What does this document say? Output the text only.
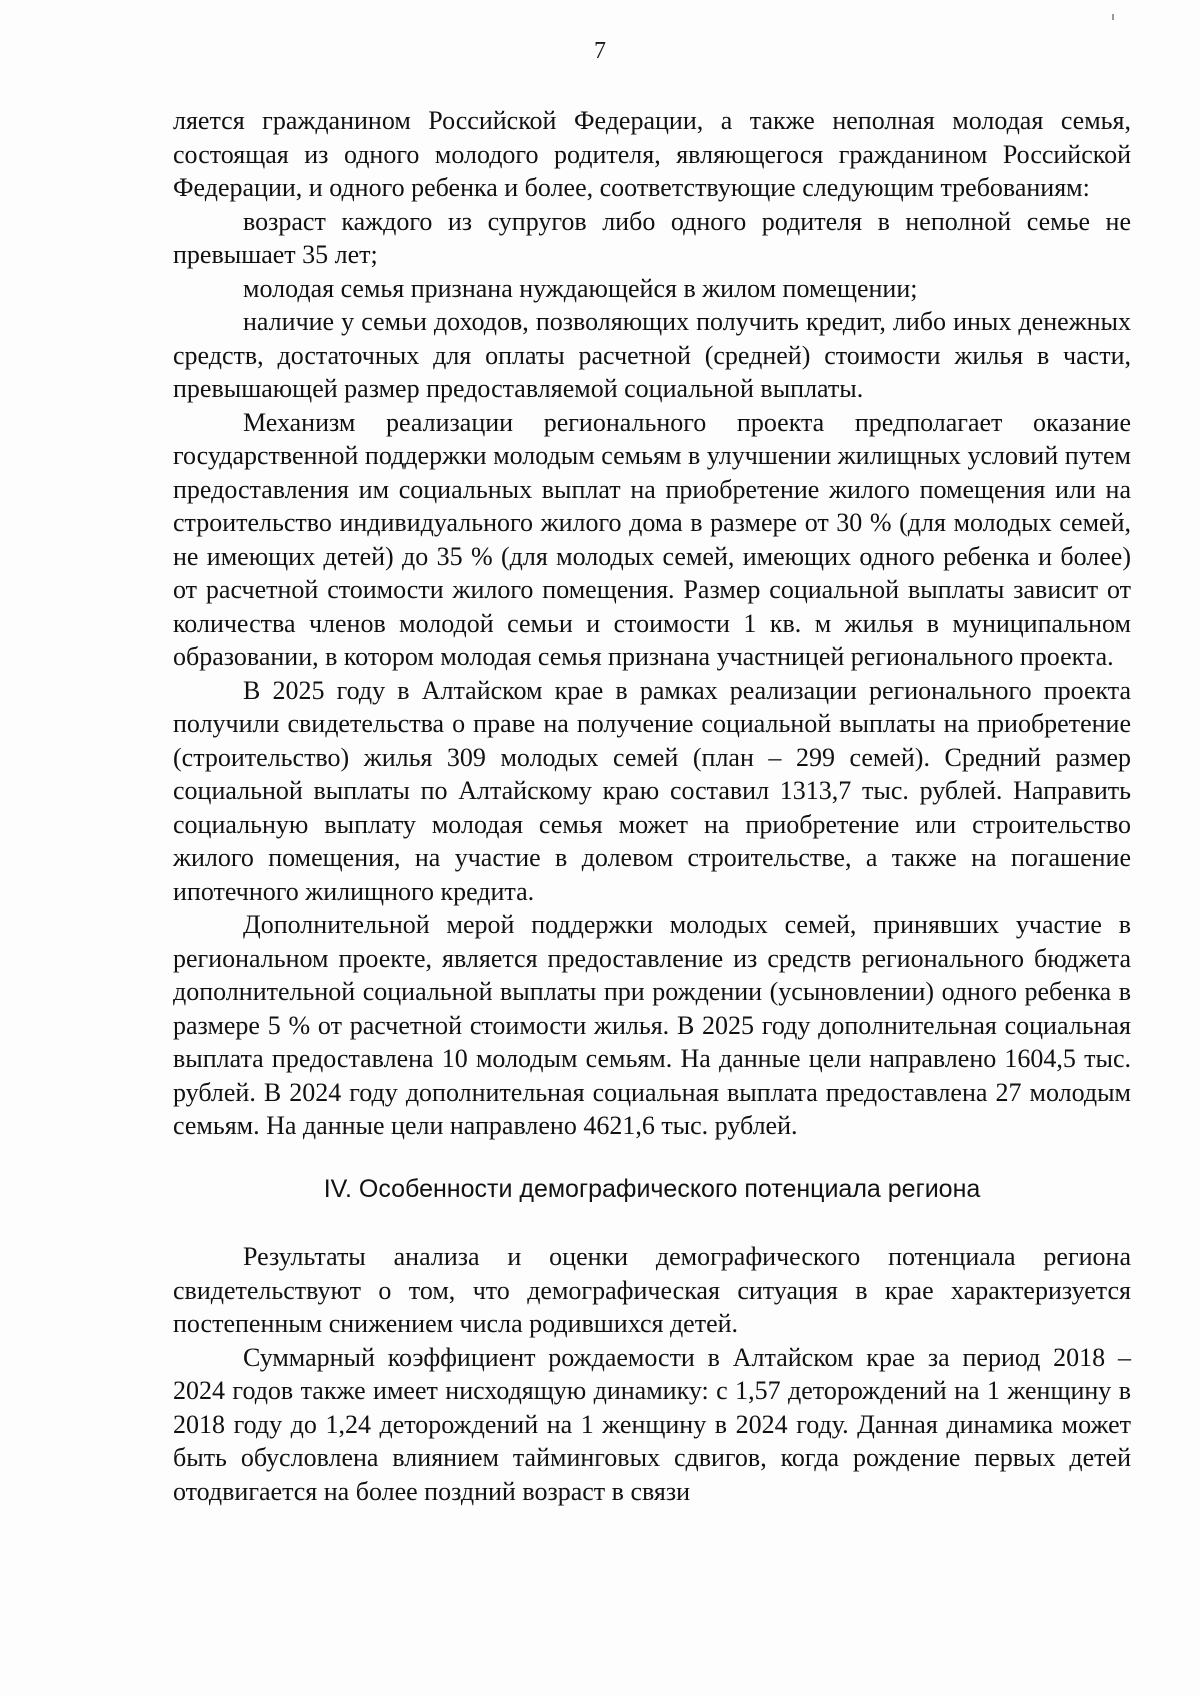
7

ляется гражданином Российской Федерации, а также неполная молодая семья, состоящая из одного молодого родителя, являющегося гражданином Российской Федерации, и одного ребенка и более, соответствующие следующим требованиям:

возраст каждого из супругов либо одного родителя в неполной семье не превышает 35 лет;

молодая семья признана нуждающейся в жилом помещении;

наличие у семьи доходов, позволяющих получить кредит, либо иных денежных средств, достаточных для оплаты расчетной (средней) стоимости жилья в части, превышающей размер предоставляемой социальной выплаты.

Механизм реализации регионального проекта предполагает оказание государственной поддержки молодым семьям в улучшении жилищных условий путем предоставления им социальных выплат на приобретение жилого помещения или на строительство индивидуального жилого дома в размере от 30 % (для молодых семей, не имеющих детей) до 35 % (для молодых семей, имеющих одного ребенка и более) от расчетной стоимости жилого помещения. Размер социальной выплаты зависит от количества членов молодой семьи и стоимости 1 кв. м жилья в муниципальном образовании, в котором молодая семья признана участницей регионального проекта.

В 2025 году в Алтайском крае в рамках реализации регионального проекта получили свидетельства о праве на получение социальной выплаты на приобретение (строительство) жилья 309 молодых семей (план – 299 семей). Средний размер социальной выплаты по Алтайскому краю составил 1313,7 тыс. рублей. Направить социальную выплату молодая семья может на приобретение или строительство жилого помещения, на участие в долевом строительстве, а также на погашение ипотечного жилищного кредита.

Дополнительной мерой поддержки молодых семей, принявших участие в региональном проекте, является предоставление из средств регионального бюджета дополнительной социальной выплаты при рождении (усыновлении) одного ребенка в размере 5 % от расчетной стоимости жилья. В 2025 году дополнительная социальная выплата предоставлена 10 молодым семьям. На данные цели направлено 1604,5 тыс. рублей. В 2024 году дополнительная социальная выплата предоставлена 27 молодым семьям. На данные цели направлено 4621,6 тыс. рублей.

IV. Особенности демографического потенциала региона

Результаты анализа и оценки демографического потенциала региона свидетельствуют о том, что демографическая ситуация в крае характеризуется постепенным снижением числа родившихся детей.

Суммарный коэффициент рождаемости в Алтайском крае за период 2018 – 2024 годов также имеет нисходящую динамику: с 1,57 деторождений на 1 женщину в 2018 году до 1,24 деторождений на 1 женщину в 2024 году. Данная динамика может быть обусловлена влиянием тайминговых сдвигов, когда рождение первых детей отодвигается на более поздний возраст в связи
